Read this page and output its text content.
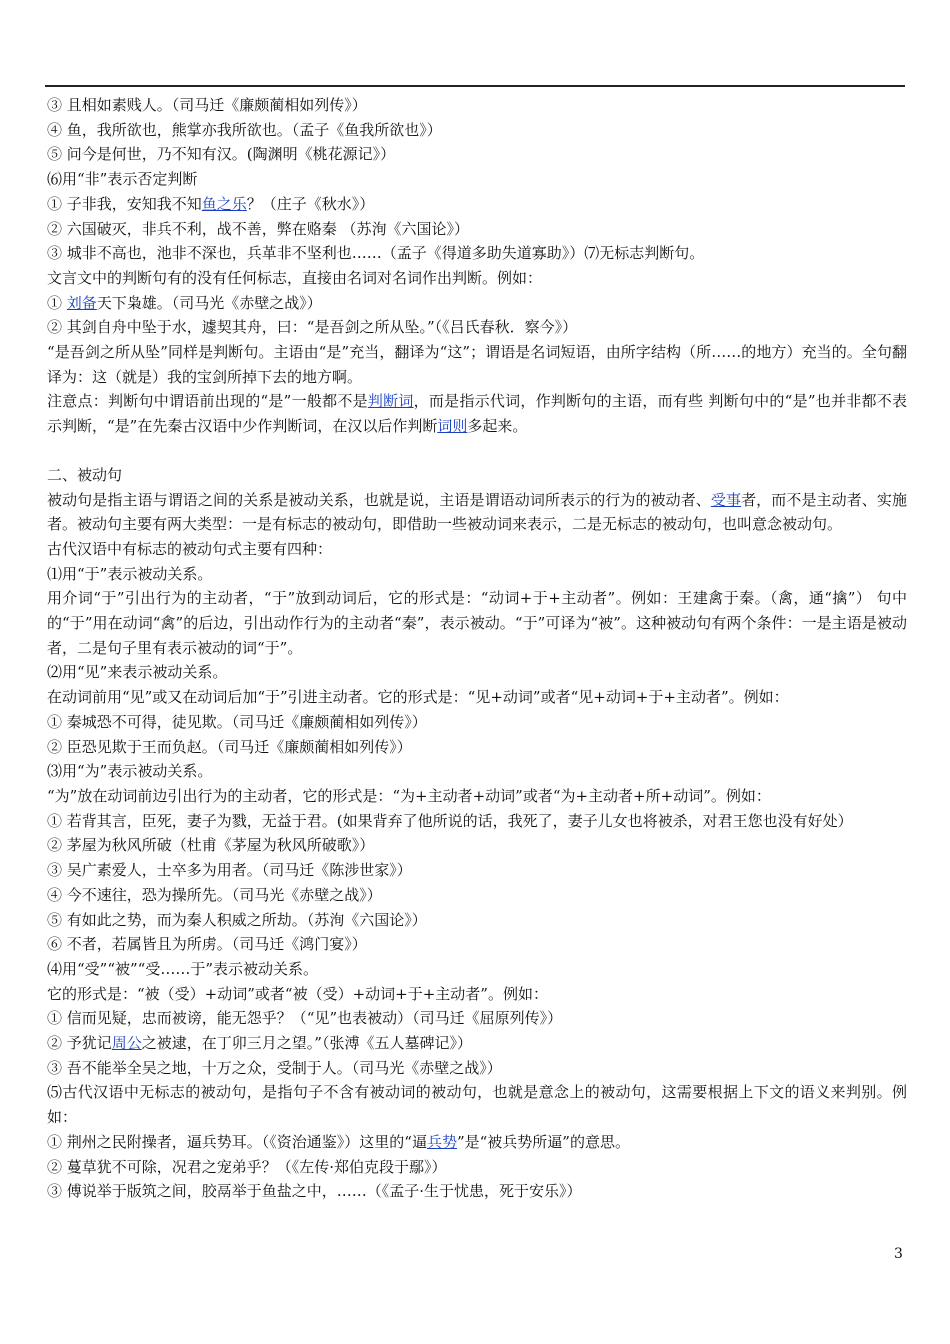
③ 且相如素贱人。（司马迁《廉颇蔺相如列传》）
④ 鱼，我所欲也，熊掌亦我所欲也。（孟子《鱼我所欲也》）
⑤ 问今是何世，乃不知有汉。(陶渊明《桃花源记》）
⑹用“非”表示否定判断
① 子非我，安知我不知鱼之乐？（庄子《秋水》）
② 六国破灭，非兵不利，战不善，弊在赂秦 （苏洵《六国论》）
③ 城非不高也，池非不深也，兵革非不坚利也……（孟子《得道多助失道寡助》）⑺无标志判断句。
文言文中的判断句有的没有任何标志，直接由名词对名词作出判断。例如：
① 刘备天下枭雄。（司马光《赤壁之战》）
② 其剑自舟中坠于水，遽契其舟，曰：“是吾剑之所从坠。”（《吕氏春秋．察今》）
“是吾剑之所从坠”同样是判断句。主语由“是”充当，翻译为“这”；谓语是名词短语，由所字结构（所……的地方）充当的。全句翻译为：这（就是）我的宝剑所掉下去的地方啊。
注意点：判断句中谓语前出现的“是”一般都不是判断词，而是指示代词，作判断句的主语，而有些 判断句中的“是”也并非都不表示判断，“是”在先秦古汉语中少作判断词，在汉以后作判断词则多起来。
二、被动句
被动句是指主语与谓语之间的关系是被动关系，也就是说，主语是谓语动词所表示的行为的被动者、受事者，而不是主动者、实施者。被动句主要有两大类型：一是有标志的被动句，即借助一些被动词来表示，二是无标志的被动句，也叫意念被动句。
古代汉语中有标志的被动句式主要有四种：
⑴用“于”表示被动关系。
用介词“于”引出行为的主动者，“于”放到动词后，它的形式是：“动词+于+主动者”。例如：王建禽于秦。（禽，通“擒”） 句中的“于”用在动词“禽”的后边，引出动作行为的主动者“秦”，表示被动。“于”可译为“被”。这种被动句有两个条件：一是主语是被动者，二是句子里有表示被动的词“于”。
⑵用“见”来表示被动关系。
在动词前用“见”或又在动词后加“于”引进主动者。它的形式是：“见+动词”或者“见+动词+于+主动者”。例如：
① 秦城恐不可得，徒见欺。（司马迁《廉颇蔺相如列传》）
② 臣恐见欺于王而负赵。（司马迁《廉颇蔺相如列传》）
⑶用“为”表示被动关系。
“为”放在动词前边引出行为的主动者，它的形式是：“为+主动者+动词”或者“为+主动者+所+动词”。例如：
① 若背其言，臣死，妻子为戮，无益于君。(如果背弃了他所说的话，我死了，妻子儿女也将被杀，对君王您也没有好处）
② 茅屋为秋风所破（杜甫《茅屋为秋风所破歌》）
③ 吴广素爱人，士卒多为用者。（司马迁《陈涉世家》）
④ 今不速往，恐为操所先。（司马光《赤壁之战》）
⑤ 有如此之势，而为秦人积威之所劫。（苏洵《六国论》）
⑥ 不者，若属皆且为所虏。（司马迁《鸿门宴》）
⑷用“受”“被”“受……于”表示被动关系。
它的形式是：“被（受）+动词”或者“被（受）+动词+于+主动者”。例如：
① 信而见疑，忠而被谤，能无怨乎？（“见”也表被动）（司马迁《屈原列传》）
② 予犹记周公之被逮，在丁卯三月之望。”（张溥《五人墓碑记》）
③ 吾不能举全吴之地，十万之众，受制于人。（司马光《赤壁之战》）
⑸古代汉语中无标志的被动句，是指句子不含有被动词的被动句，也就是意念上的被动句，这需要根据上下文的语义来判别。例如：
① 荆州之民附操者，逼兵势耳。（《资治通鉴》）这里的“逼兵势”是“被兵势所逼”的意思。
② 蔓草犹不可除，况君之宠弟乎？（《左传·郑伯克段于鄢》）
③ 傅说举于版筑之间，胶鬲举于鱼盐之中，……（《孟子·生于忧患，死于安乐》）
3
